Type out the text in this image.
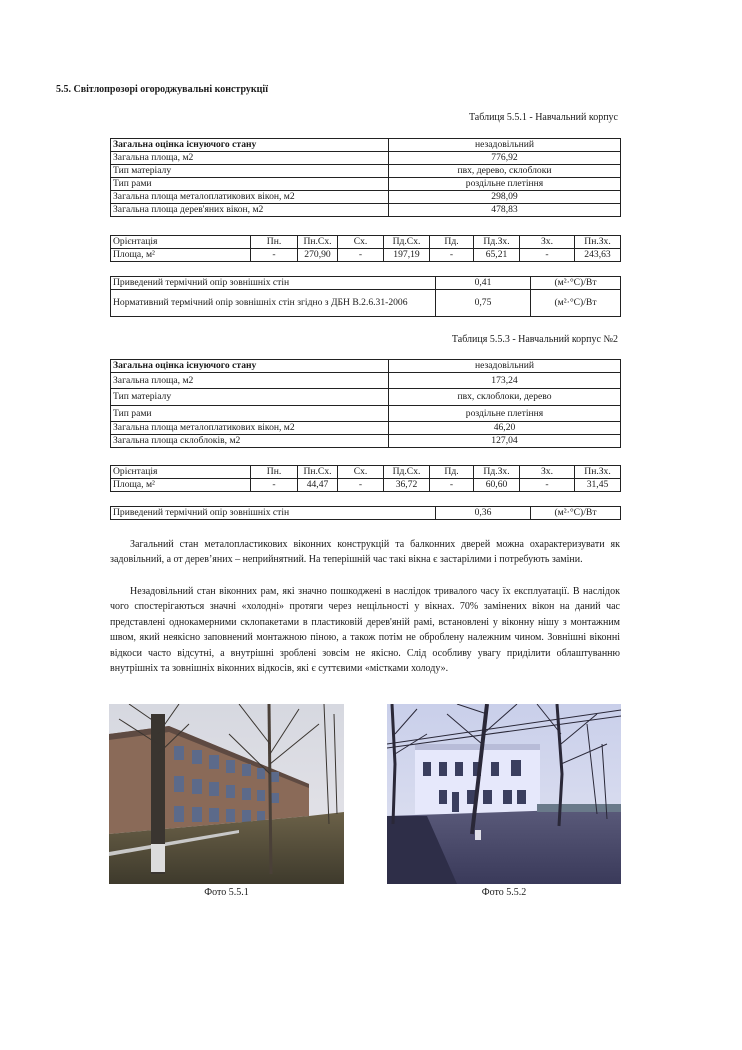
5.5. Світлопрозорі огороджувальні конструкції
Таблиця 5.5.1 - Навчальний корпус
Загальна оцінка існуючого стану	незадовільний
Загальна площа, м2	776,92
Тип матеріалу	пвх, дерево, склоблоки
Тип рами	роздільне плетіння
Загальна площа металоплатикових вікон, м2	298,09
Загальна площа дерев'яних вікон, м2	478,83
Орієнтація	Пн.	Пн.Сх.	Сх.	Пд.Сх.	Пд.	Пд.Зх.	Зх.	Пн.Зх.
Площа, м²	-	270,90	-	197,19	-	65,21	-	243,63
Приведений термічний опір зовнішніх стін	0,41	(м²·°С)/Вт
Нормативний термічний опір зовнішніх стін згідно з ДБН В.2.6.31-2006	0,75	(м²·°С)/Вт
Таблиця 5.5.3 - Навчальний корпус №2
Загальна оцінка існуючого стану	незадовільний
Загальна площа, м2	173,24
Тип матеріалу	пвх, склоблоки, дерево
Тип рами	роздільне плетіння
Загальна площа металоплатикових вікон, м2	46,20
Загальна площа склоблоків, м2	127,04
Орієнтація	Пн.	Пн.Сх.	Сх.	Пд.Сх.	Пд.	Пд.Зх.	Зх.	Пн.Зх.
Площа, м²	-	44,47	-	36,72	-	60,60	-	31,45
Приведений термічний опір зовнішніх стін	0,36	(м²·°С)/Вт

Загальний стан металопластикових віконних конструкцій та балконних дверей можна охарактеризувати як задовільний, а от дерев’яних – неприйнятний. На теперішній час такі вікна є застарілими і потребують заміни.

Незадовільний стан віконних рам, які значно пошкоджені в наслідок тривалого часу їх експлуатації. В наслідок чого спостерігаються значні «холодні» протяги через нещільності у вікнах. 70% замінених вікон на даний час представлені однокамерними склопакетами в пластиковій дерев'яній рамі, встановлені у віконну нішу з монтажним швом, який неякісно заповнений монтажною піною, а також потім не оброблену належним чином. Зовнішні віконні відкоси часто відсутні, а внутрішні зроблені зовсім не якісно. Слід особливу увагу приділити облаштуванню внутрішніх та зовнішніх віконних відкосів, які є суттєвими «містками холоду».

Фото 5.5.1	Фото 5.5.2
